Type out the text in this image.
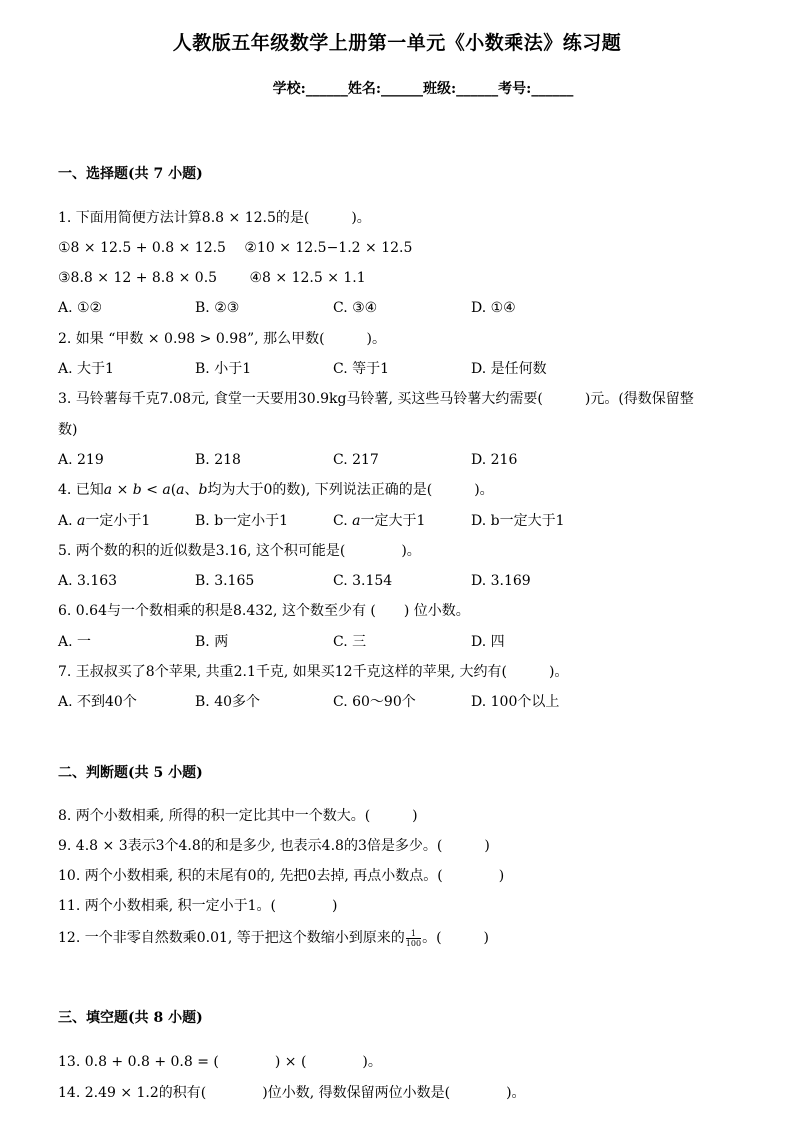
人教版五年级数学上册第一单元《小数乘法》练习题
学校:______姓名:______班级:______考号:______
一、选择题(共 7 小题)
1. 下面用简便方法计算8.8 × 12.5的是(　　　)。
①8 × 12.5 + 0.8 × 12.5　 ②10 × 12.5−1.2 × 12.5
③8.8 × 12 + 8.8 × 0.5　　 ④8 × 12.5 × 1.1
A. ①②	B. ②③	C. ③④	D. ①④
2. 如果 “甲数 × 0.98 > 0.98”, 那么甲数(　　　)。
A. 大于1	B. 小于1	C. 等于1	D. 是任何数
3. 马铃薯每千克7.08元, 食堂一天要用30.9kg马铃薯, 买这些马铃薯大约需要(　　　)元。(得数保留整
数)
A. 219	B. 218	C. 217	D. 216
4. 已知𝑎 × 𝑏 < 𝑎(𝑎、𝑏均为大于0的数), 下列说法正确的是(　　　)。
A. 𝑎一定小于1	B. b一定小于1	C. 𝑎一定大于1	D. b一定大于1
5. 两个数的积的近似数是3.16, 这个积可能是(　　　　)。
A. 3.163	B. 3.165	C. 3.154	D. 3.169
6. 0.64与一个数相乘的积是8.432, 这个数至少有 (　　) 位小数。
A. 一	B. 两	C. 三	D. 四
7. 王叔叔买了8个苹果, 共重2.1千克, 如果买12千克这样的苹果, 大约有(　　　)。
A. 不到40个	B. 40多个	C. 60～90个	D. 100个以上
二、判断题(共 5 小题)
8. 两个小数相乘, 所得的积一定比其中一个数大。(　　　)
9. 4.8 × 3表示3个4.8的和是多少, 也表示4.8的3倍是多少。(　　　)
10. 两个小数相乘, 积的末尾有0的, 先把0去掉, 再点小数点。(　　　　)
11. 两个小数相乘, 积一定小于1。(　　　　)
12. 一个非零自然数乘0.01, 等于把这个数缩小到原来的 $\frac{1}{100}$ 。(　　　)
三、填空题(共 8 小题)
13. 0.8 + 0.8 + 0.8 = (　　　　) × (　　　　)。
14. 2.49 × 1.2的积有(　　　　)位小数, 得数保留两位小数是(　　　　)。
